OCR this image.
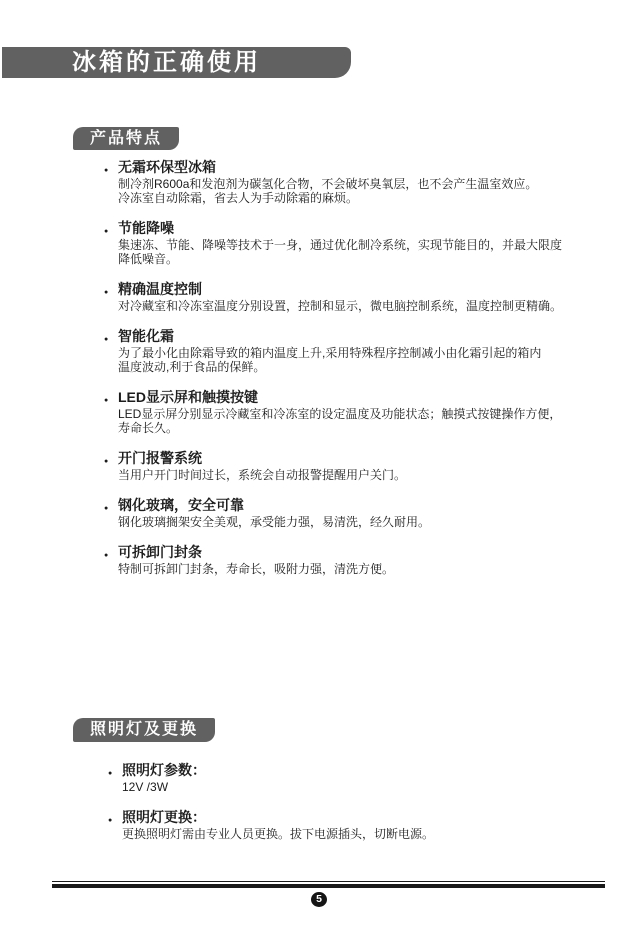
冰箱的正确使用
产品特点
● 无霜环保型冰箱
制冷剂R600a和发泡剂为碳氢化合物，不会破坏臭氧层，也不会产生温室效应。
冷冻室自动除霜，省去人为手动除霜的麻烦。
● 节能降噪
集速冻、节能、降噪等技术于一身，通过优化制冷系统，实现节能目的，并最大限度
降低噪音。
● 精确温度控制
对冷藏室和冷冻室温度分别设置，控制和显示，微电脑控制系统，温度控制更精确。
● 智能化霜
为了最小化由除霜导致的箱内温度上升,采用特殊程序控制减小由化霜引起的箱内
温度波动,利于食品的保鲜。
● LED显示屏和触摸按键
LED显示屏分别显示冷藏室和冷冻室的设定温度及功能状态；触摸式按键操作方便，
寿命长久。
● 开门报警系统
当用户开门时间过长，系统会自动报警提醒用户关门。
● 钢化玻璃，安全可靠
钢化玻璃搁架安全美观，承受能力强，易清洗，经久耐用。
● 可拆卸门封条
特制可拆卸门封条，寿命长，吸附力强，清洗方便。
照明灯及更换
● 照明灯参数：
12V /3W
● 照明灯更换：
更换照明灯需由专业人员更换。拔下电源插头，切断电源。
5
